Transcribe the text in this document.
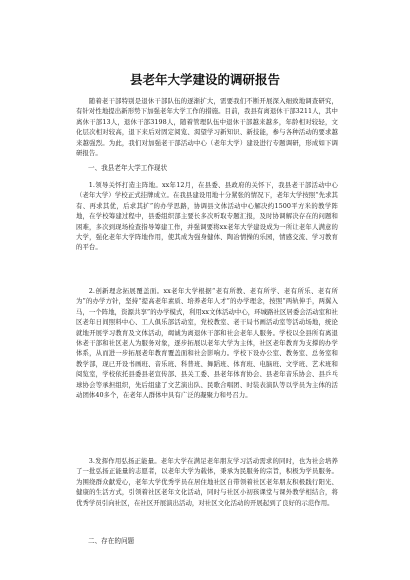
县老年大学建设的调研报告

随着老干部特别是退休干部队伍的逐渐扩大，需要我们不断开展深入细致地调查研究，有针对性地提出新形势下加强老年大学工作的措施。目前，我县有离退休干部3211人，其中离休干部13人，退休干部3198人，随着管理队伍中退休干部越来越多，年龄相对较轻，文化层次相对较高，退下来后对固定阅览、渴望学习新知识、新技能，参与各种活动的要求越来越强烈。为此，我们对加强老干部活动中心（老年大学）建设进行专题调研，形成如下调研报告。

一、我县老年大学工作现状

1.领导关怀打造主阵地。xx年12月，在县委、县政府的关怀下，我县老干部活动中心（老年大学）学校正式挂牌成立。在我县建设用地十分紧张的情况下，老年大学按照“先求其有、再求其优，后求其扩”的办学思路，协调县文体活动中心解决约1500平方米的教学阵地，在学校筹建过程中，县委组织部主要长多次听取专题汇报，及时协调解决存在的问题和困难，多次到现场检查指导筹建工作，并强调要将xx老年大学建设成为一所让老年人满意的大学，强化老年大学阵地作用，使其成为强身健体、陶冶情操的乐园，情感交流、学习教育的平台。

2.创新理念拓展覆盖面。xx老年大学根据“老有所教、老有所学、老有所乐、老有所为”的办学方针，坚持“提高老年素质、培养老年人才”的办学理念，按照“两轨伸手，两翼入马，一个阵地，资源共享”的办学模式，利用xx文体活动中心，环城路社区居委会活动室和社区老年日间照料中心、工人俱乐部活动室，党校教室、老干局书画活动室等活动场地，统论就地开展学习教育及文体活动，竭诚为离退休干部和社会老年人服务。学校以全县所有离退休老干部和社区老人为服务对象，逐步拓展以老年大学为主体，社区老年教育为支撑的办学体系，从而进一步拓展老年教育覆盖面和社会影响力。学校下设办公室、教务室、总务室和教学部，现已开设书画班、音乐班、科普班、舞蹈班、体育班、电脑班、文学班、艺术班和阅览室，学校依托县委县老宣传部、县关工委、县老年体育协会、县老年音乐协会、县乒乓球协会等承担组织，先后组建了文艺演出队、民歌合唱团、时装表演队等以学员为主体的活动团体40多个，在老年人群体中具有广泛的凝聚力和号召力。

3.发挥作用弘扬正能量。老年大学在满足老年朋友学习活动需求的同时，也为社会培养了一批弘扬正能量的志愿者，以老年大学为载体，秉承为民服务的宗旨，积极为学员服务。为围绕群众献爱心，老年大学优秀学员在居住地社区自带领着社区老年朋友积极践行阳光、健康的生活方式，引领着社区老年文化活动，同时与社区小初孩课堂与课外教学相结合，将优秀学员引向社区，在社区开展演出活动，对社区文化活动的开展起到了良好的示范作用。

二、存在的问题
